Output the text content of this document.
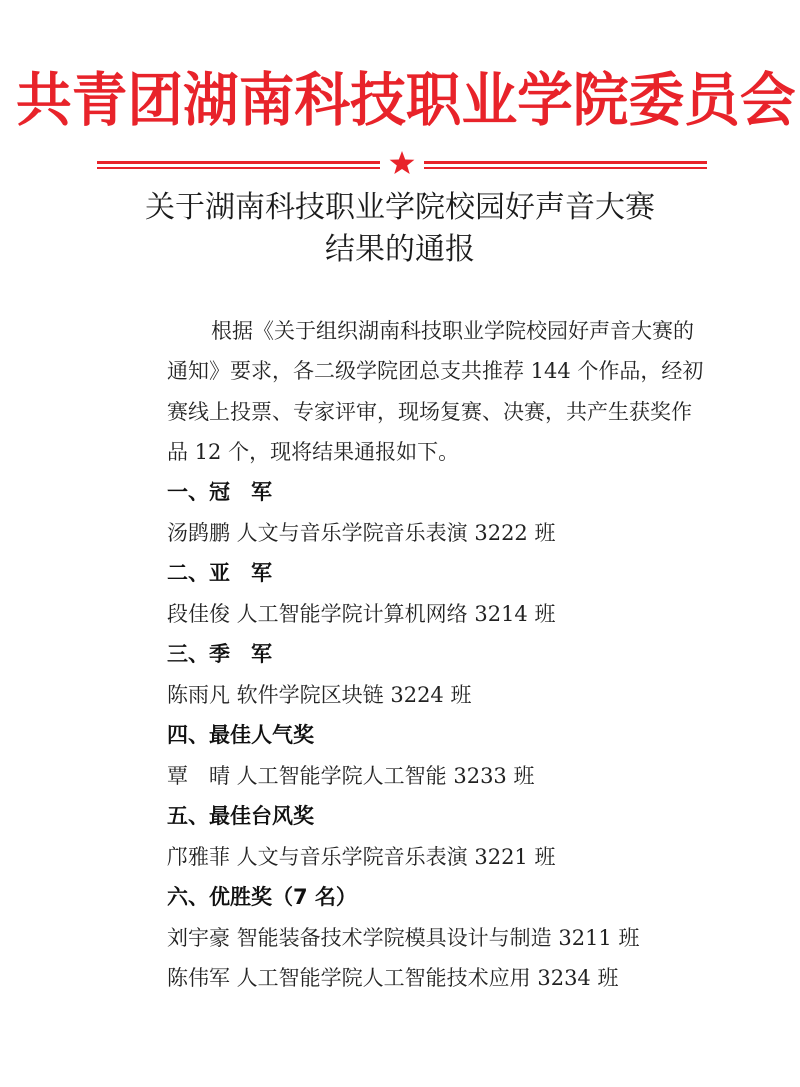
共青团湖南科技职业学院委员会
关于湖南科技职业学院校园好声音大赛
结果的通报
根据《关于组织湖南科技职业学院校园好声音大赛的
通知》要求，各二级学院团总支共推荐 144 个作品，经初
赛线上投票、专家评审，现场复赛、决赛，共产生获奖作
品 12 个，现将结果通报如下。
一、冠　军
汤鹍鹏 人文与音乐学院音乐表演 3222 班
二、亚　军
段佳俊 人工智能学院计算机网络 3214 班
三、季　军
陈雨凡 软件学院区块链 3224 班
四、最佳人气奖
覃　晴 人工智能学院人工智能 3233 班
五、最佳台风奖
邝雅菲 人文与音乐学院音乐表演 3221 班
六、优胜奖（7 名）
刘宇豪 智能装备技术学院模具设计与制造 3211 班
陈伟军 人工智能学院人工智能技术应用 3234 班
